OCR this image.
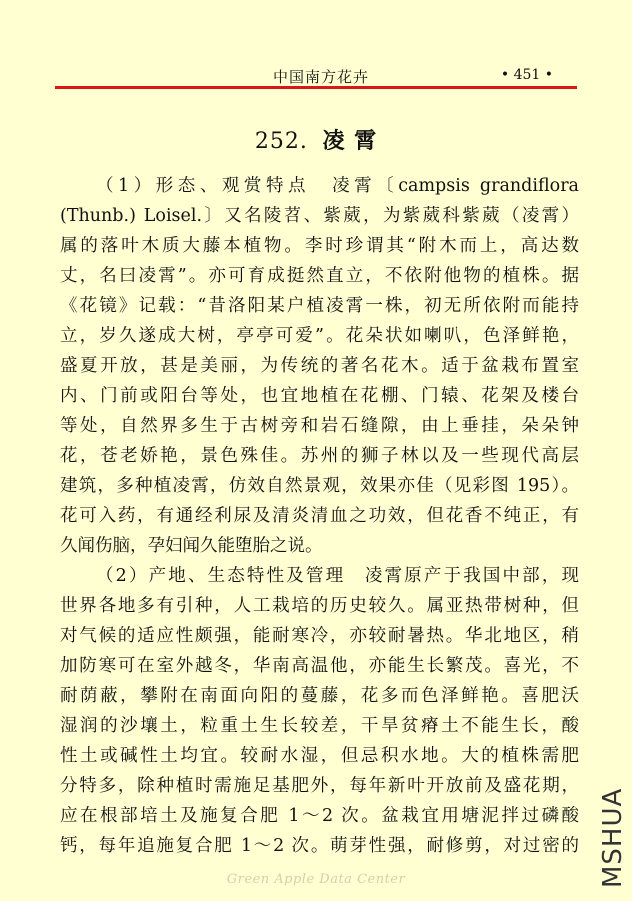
中国南方花卉	• 451 •
252. 凌 霄
（1）形态、观赏特点　凌霄〔campsis grandiflora
(Thunb.) Loisel.〕又名陵苕、紫葳，为紫葳科紫葳（凌霄）
属的落叶木质大藤本植物。李时珍谓其“附木而上，高达数
丈，名曰凌霄”。亦可育成挺然直立，不依附他物的植株。据
《花镜》记载：“昔洛阳某户植凌霄一株，初无所依附而能持
立，岁久遂成大树，亭亭可爱”。花朵状如喇叭，色泽鲜艳，
盛夏开放，甚是美丽，为传统的著名花木。适于盆栽布置室
内、门前或阳台等处，也宜地植在花棚、门辕、花架及楼台
等处，自然界多生于古树旁和岩石缝隙，由上垂挂，朵朵钟
花，苍老娇艳，景色殊佳。苏州的狮子林以及一些现代高层
建筑，多种植凌霄，仿效自然景观，效果亦佳（见彩图 195）。
花可入药，有通经利尿及清炎清血之功效，但花香不纯正，有
久闻伤脑，孕妇闻久能堕胎之说。
（2）产地、生态特性及管理　凌霄原产于我国中部，现
世界各地多有引种，人工栽培的历史较久。属亚热带树种，但
对气候的适应性颇强，能耐寒冷，亦较耐暑热。华北地区，稍
加防寒可在室外越冬，华南高温他，亦能生长繁茂。喜光，不
耐荫蔽，攀附在南面向阳的蔓藤，花多而色泽鲜艳。喜肥沃
湿润的沙壤土，粒重土生长较差，干旱贫瘠土不能生长，酸
性土或碱性土均宜。较耐水湿，但忌积水地。大的植株需肥
分特多，除种植时需施足基肥外，每年新叶开放前及盛花期，
应在根部培土及施复合肥 1～2 次。盆栽宜用塘泥拌过磷酸
钙，每年追施复合肥 1～2 次。萌芽性强，耐修剪，对过密的
Green Apple Data Center	MSHUA
